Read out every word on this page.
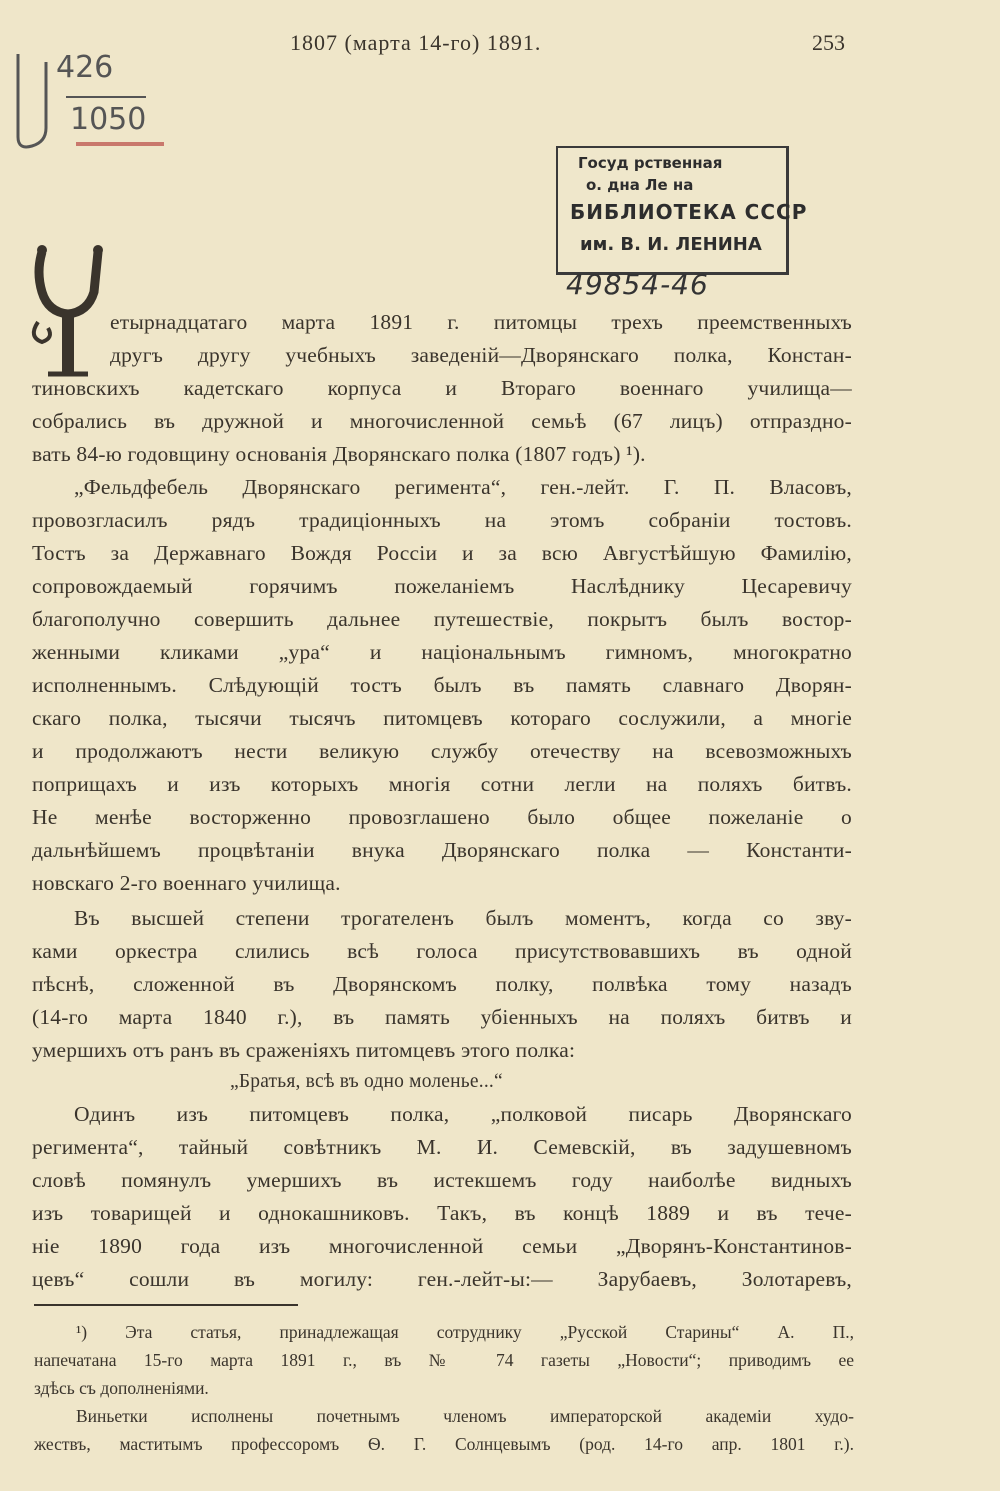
1807 (марта 14-го) 1891.	253
426
1050
Госуд рственная
о. дна Ле на
БИБЛИОТЕКА СССР
им. В. И. ЛЕНИНА
49854-46
Ч
етырнадцатаго марта 1891 г. питомцы трехъ преемственныхъ
другъ другу учебныхъ заведеній—Дворянскаго полка, Констан-
тиновскихъ кадетскаго корпуса и Втораго военнаго училища—
собрались въ дружной и многочисленной семьѣ (67 лицъ) отпраздно-
вать 84-ю годовщину основанія Дворянскаго полка (1807 годъ) ¹).
„Фельдфебель Дворянскаго регимента“, ген.-лейт. Г. П. Власовъ,
провозгласилъ рядъ традиціонныхъ на этомъ собраніи тостовъ.
Тостъ за Державнаго Вождя Россіи и за всю Августѣйшую Фамилію,
сопровождаемый горячимъ пожеланіемъ Наслѣднику Цесаревичу
благополучно совершить дальнее путешествіе, покрытъ былъ востор-
женными кликами „ура“ и національнымъ гимномъ, многократно
исполненнымъ. Слѣдующій тостъ былъ въ память славнаго Дворян-
скаго полка, тысячи тысячъ питомцевъ котораго сослужили, а многіе
и продолжаютъ нести великую службу отечеству на всевозможныхъ
поприщахъ и изъ которыхъ многія сотни легли на поляхъ битвъ.
Не менѣе восторженно провозглашено было общее пожеланіе о
дальнѣйшемъ процвѣтаніи внука Дворянскаго полка — Константи-
новскаго 2-го военнаго училища.
Въ высшей степени трогателенъ былъ моментъ, когда со зву-
ками оркестра слились всѣ голоса присутствовавшихъ въ одной
пѣснѣ, сложенной въ Дворянскомъ полку, полвѣка тому назадъ
(14-го марта 1840 г.), въ память убіенныхъ на поляхъ битвъ и
умершихъ отъ ранъ въ сраженіяхъ питомцевъ этого полка:
„Братья, всѣ въ одно моленье...“
Одинъ изъ питомцевъ полка, „полковой писарь Дворянскаго
регимента“, тайный совѣтникъ М. И. Семевскій, въ задушевномъ
словѣ помянулъ умершихъ въ истекшемъ году наиболѣе видныхъ
изъ товарищей и однокашниковъ. Такъ, въ концѣ 1889 и въ тече-
ніе 1890 года изъ многочисленной семьи „Дворянъ-Константинов-
цевъ“ сошли въ могилу: ген.-лейт-ы:— Зарубаевъ, Золотаревъ,
¹) Эта статья, принадлежащая сотруднику „Русской Старины“ А. П.,
напечатана 15-го марта 1891 г., въ № 74 газеты „Новости“; приводимъ ее
здѣсь съ дополненіями.
Виньетки исполнены почетнымъ членомъ императорской академіи худо-
жествъ, маститымъ профессоромъ Ѳ. Г. Солнцевымъ (род. 14-го апр. 1801 г.).
